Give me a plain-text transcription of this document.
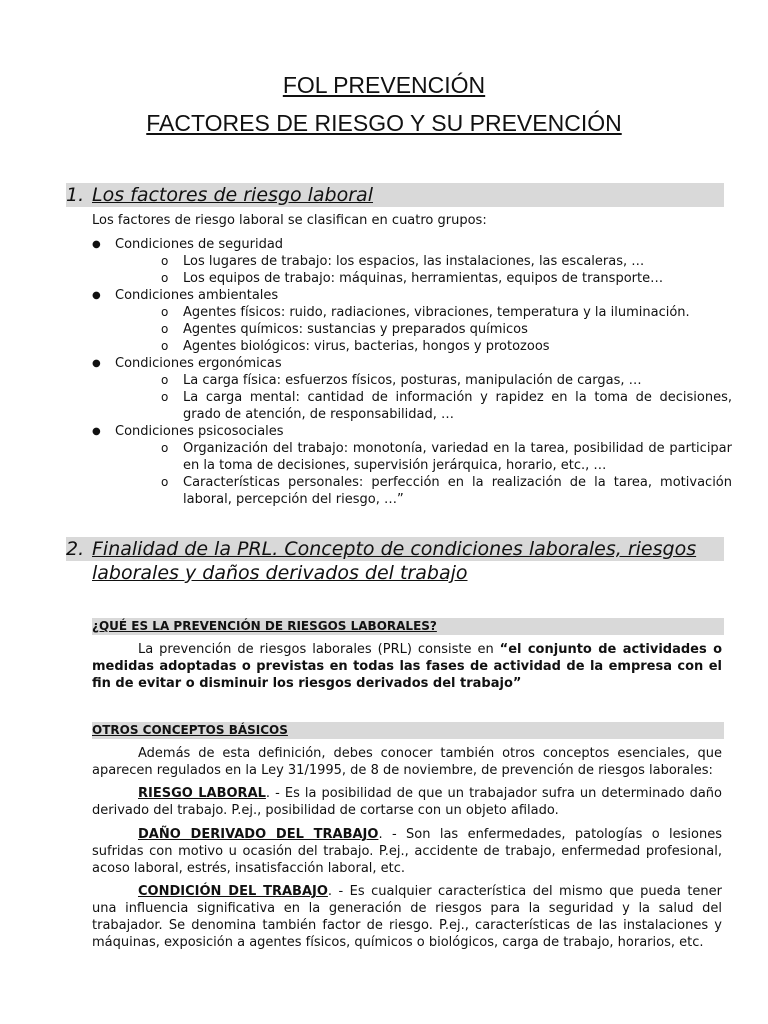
FOL PREVENCIÓN
FACTORES DE RIESGO Y SU PREVENCIÓN
1. Los factores de riesgo laboral
Los factores de riesgo laboral se clasifican en cuatro grupos:
● Condiciones de seguridad
o Los lugares de trabajo: los espacios, las instalaciones, las escaleras, …
o Los equipos de trabajo: máquinas, herramientas, equipos de transporte…
● Condiciones ambientales
o Agentes físicos: ruido, radiaciones, vibraciones, temperatura y la iluminación.
o Agentes químicos: sustancias y preparados químicos
o Agentes biológicos: virus, bacterias, hongos y protozoos
● Condiciones ergonómicas
o La carga física: esfuerzos físicos, posturas, manipulación de cargas, …
o La carga mental: cantidad de información y rapidez en la toma de decisiones, grado de atención, de responsabilidad, …
● Condiciones psicosociales
o Organización del trabajo: monotonía, variedad en la tarea, posibilidad de participar en la toma de decisiones, supervisión jerárquica, horario, etc., …
o Características personales: perfección en la realización de la tarea, motivación laboral, percepción del riesgo, …”
2. Finalidad de la PRL. Concepto de condiciones laborales, riesgos
laborales y daños derivados del trabajo
¿QUÉ ES LA PREVENCIÓN DE RIESGOS LABORALES?
La prevención de riesgos laborales (PRL) consiste en “el conjunto de actividades o medidas adoptadas o previstas en todas las fases de actividad de la empresa con el fin de evitar o disminuir los riesgos derivados del trabajo”
OTROS CONCEPTOS BÁSICOS
Además de esta definición, debes conocer también otros conceptos esenciales, que aparecen regulados en la Ley 31/1995, de 8 de noviembre, de prevención de riesgos laborales:
RIESGO LABORAL. - Es la posibilidad de que un trabajador sufra un determinado daño derivado del trabajo. P.ej., posibilidad de cortarse con un objeto afilado.
DAÑO DERIVADO DEL TRABAJO. - Son las enfermedades, patologías o lesiones sufridas con motivo u ocasión del trabajo. P.ej., accidente de trabajo, enfermedad profesional, acoso laboral, estrés, insatisfacción laboral, etc.
CONDICIÓN DEL TRABAJO. - Es cualquier característica del mismo que pueda tener una influencia significativa en la generación de riesgos para la seguridad y la salud del trabajador. Se denomina también factor de riesgo. P.ej., características de las instalaciones y máquinas, exposición a agentes físicos, químicos o biológicos, carga de trabajo, horarios, etc.
